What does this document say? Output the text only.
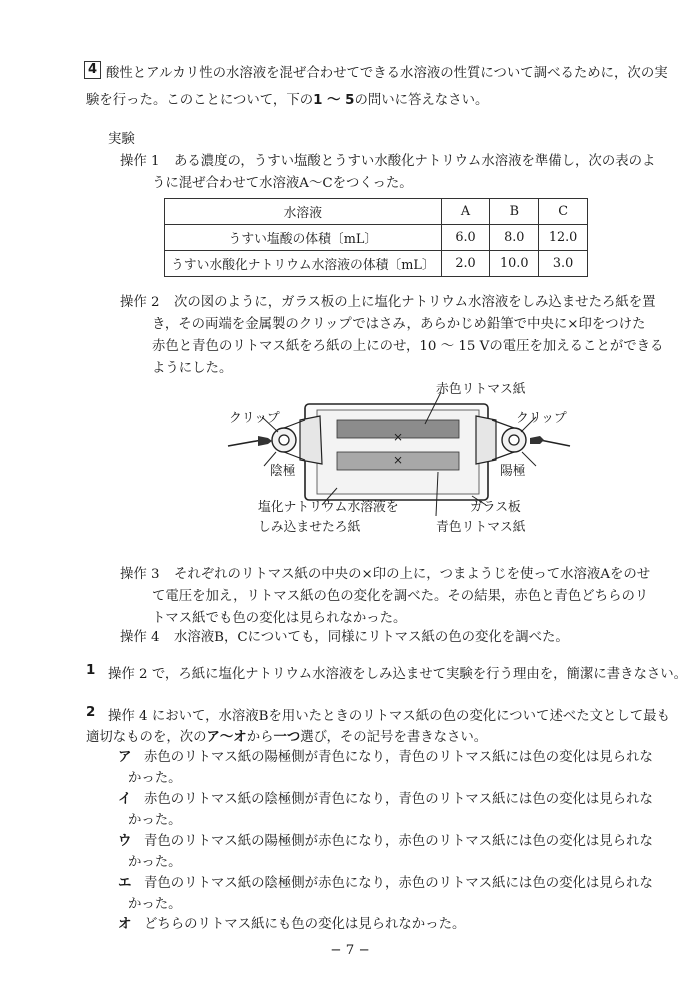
4 酸性とアルカリ性の水溶液を混ぜ合わせてできる水溶液の性質について調べるために，次の実
験を行った。このことについて，下の1 〜 5の問いに答えなさい。
実験
操作 1 ある濃度の，うすい塩酸とうすい水酸化ナトリウム水溶液を準備し，次の表のよ
うに混ぜ合わせて水溶液A〜Cをつくった。
水溶液	A	B	C
うすい塩酸の体積〔mL〕	6.0	8.0	12.0
うすい水酸化ナトリウム水溶液の体積〔mL〕	2.0	10.0	3.0
操作 2 次の図のように，ガラス板の上に塩化ナトリウム水溶液をしみ込ませたろ紙を置
き，その両端を金属製のクリップではさみ，あらかじめ鉛筆で中央に×印をつけた
赤色と青色のリトマス紙をろ紙の上にのせ，10 〜 15 Vの電圧を加えることができる
ようにした。
×
×
赤色リトマス紙
クリップ	クリップ
陰極	陽極
塩化ナトリウム水溶液を
しみ込ませたろ紙
ガラス板
青色リトマス紙
操作 3 それぞれのリトマス紙の中央の×印の上に，つまようじを使って水溶液Aをのせ
て電圧を加え，リトマス紙の色の変化を調べた。その結果，赤色と青色どちらのリ
トマス紙でも色の変化は見られなかった。
操作 4 水溶液B，Cについても，同様にリトマス紙の色の変化を調べた。
1 操作 2 で，ろ紙に塩化ナトリウム水溶液をしみ込ませて実験を行う理由を，簡潔に書きなさい。
2 操作 4 において，水溶液Bを用いたときのリトマス紙の色の変化について述べた文として最も
適切なものを，次のア〜オから一つ選び，その記号を書きなさい。
ア 赤色のリトマス紙の陽極側が青色になり，青色のリトマス紙には色の変化は見られな
かった。
イ 赤色のリトマス紙の陰極側が青色になり，青色のリトマス紙には色の変化は見られな
かった。
ウ 青色のリトマス紙の陽極側が赤色になり，赤色のリトマス紙には色の変化は見られな
かった。
エ 青色のリトマス紙の陰極側が赤色になり，赤色のリトマス紙には色の変化は見られな
かった。
オ どちらのリトマス紙にも色の変化は見られなかった。
− 7 −
